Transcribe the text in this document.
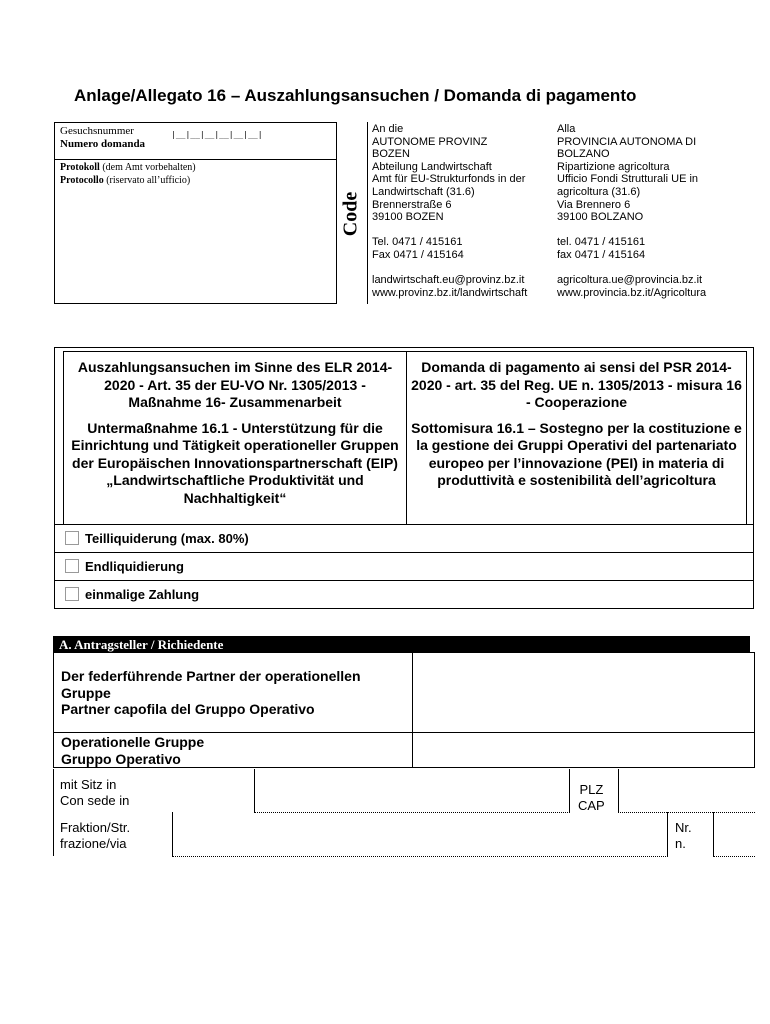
Anlage/Allegato 16 – Auszahlungsansuchen / Domanda di pagamento
Gesuchsnummer
Numero domanda
|__|__|__|__|__|__|
Protokoll (dem Amt vorbehalten)
Protocollo (riservato all’ufficio)
Code
An die
AUTONOME PROVINZ
BOZEN
Abteilung Landwirtschaft
Amt für EU-Strukturfonds in der
Landwirtschaft (31.6)
Brennerstraße 6
39100 BOZEN

Tel. 0471 / 415161
Fax 0471 / 415164

landwirtschaft.eu@provinz.bz.it
www.provinz.bz.it/landwirtschaft
Alla
PROVINCIA AUTONOMA DI
BOLZANO
Ripartizione agricoltura
Ufficio Fondi Strutturali UE in
agricoltura (31.6)
Via Brennero 6
39100 BOLZANO

tel. 0471 / 415161
fax 0471 / 415164

agricoltura.ue@provincia.bz.it
www.provincia.bz.it/Agricoltura

Auszahlungsansuchen im Sinne des ELR 2014-2020 - Art. 35 der EU-VO Nr. 1305/2013 - Maßnahme 16- Zusammenarbeit

Untermaßnahme 16.1 - Unterstützung für die Einrichtung und Tätigkeit operationeller Gruppen der Europäischen Innovationspartnerschaft (EIP) „Landwirtschaftliche Produktivität und Nachhaltigkeit“

Domanda di pagamento ai sensi del PSR 2014-2020 - art. 35 del Reg. UE n. 1305/2013 - misura 16 - Cooperazione

Sottomisura 16.1 – Sostegno per la costituzione e la gestione dei Gruppi Operativi del partenariato europeo per l’innovazione (PEI) in materia di produttività e sostenibilità dell’agricoltura

Teilliquiderung (max. 80%)
Endliquidierung
einmalige Zahlung
A. Antragsteller / Richiedente
Der federführende Partner der operationellen Gruppe
Partner capofila del Gruppo Operativo
Operationelle Gruppe
Gruppo Operativo
mit Sitz in
Con sede in
PLZ
CAP
Fraktion/Str.
frazione/via
Nr.
n.
